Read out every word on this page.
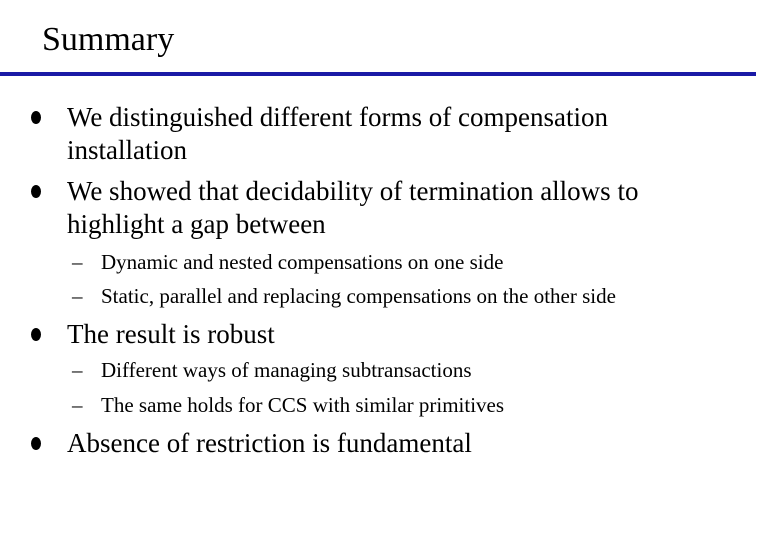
Summary
We distinguished different forms of compensation installation
We showed that decidability of termination allows to highlight a gap between
– Dynamic and nested compensations on one side
– Static, parallel and replacing compensations on the other side
The result is robust
– Different ways of managing subtransactions
– The same holds for CCS with similar primitives
Absence of restriction is fundamental
